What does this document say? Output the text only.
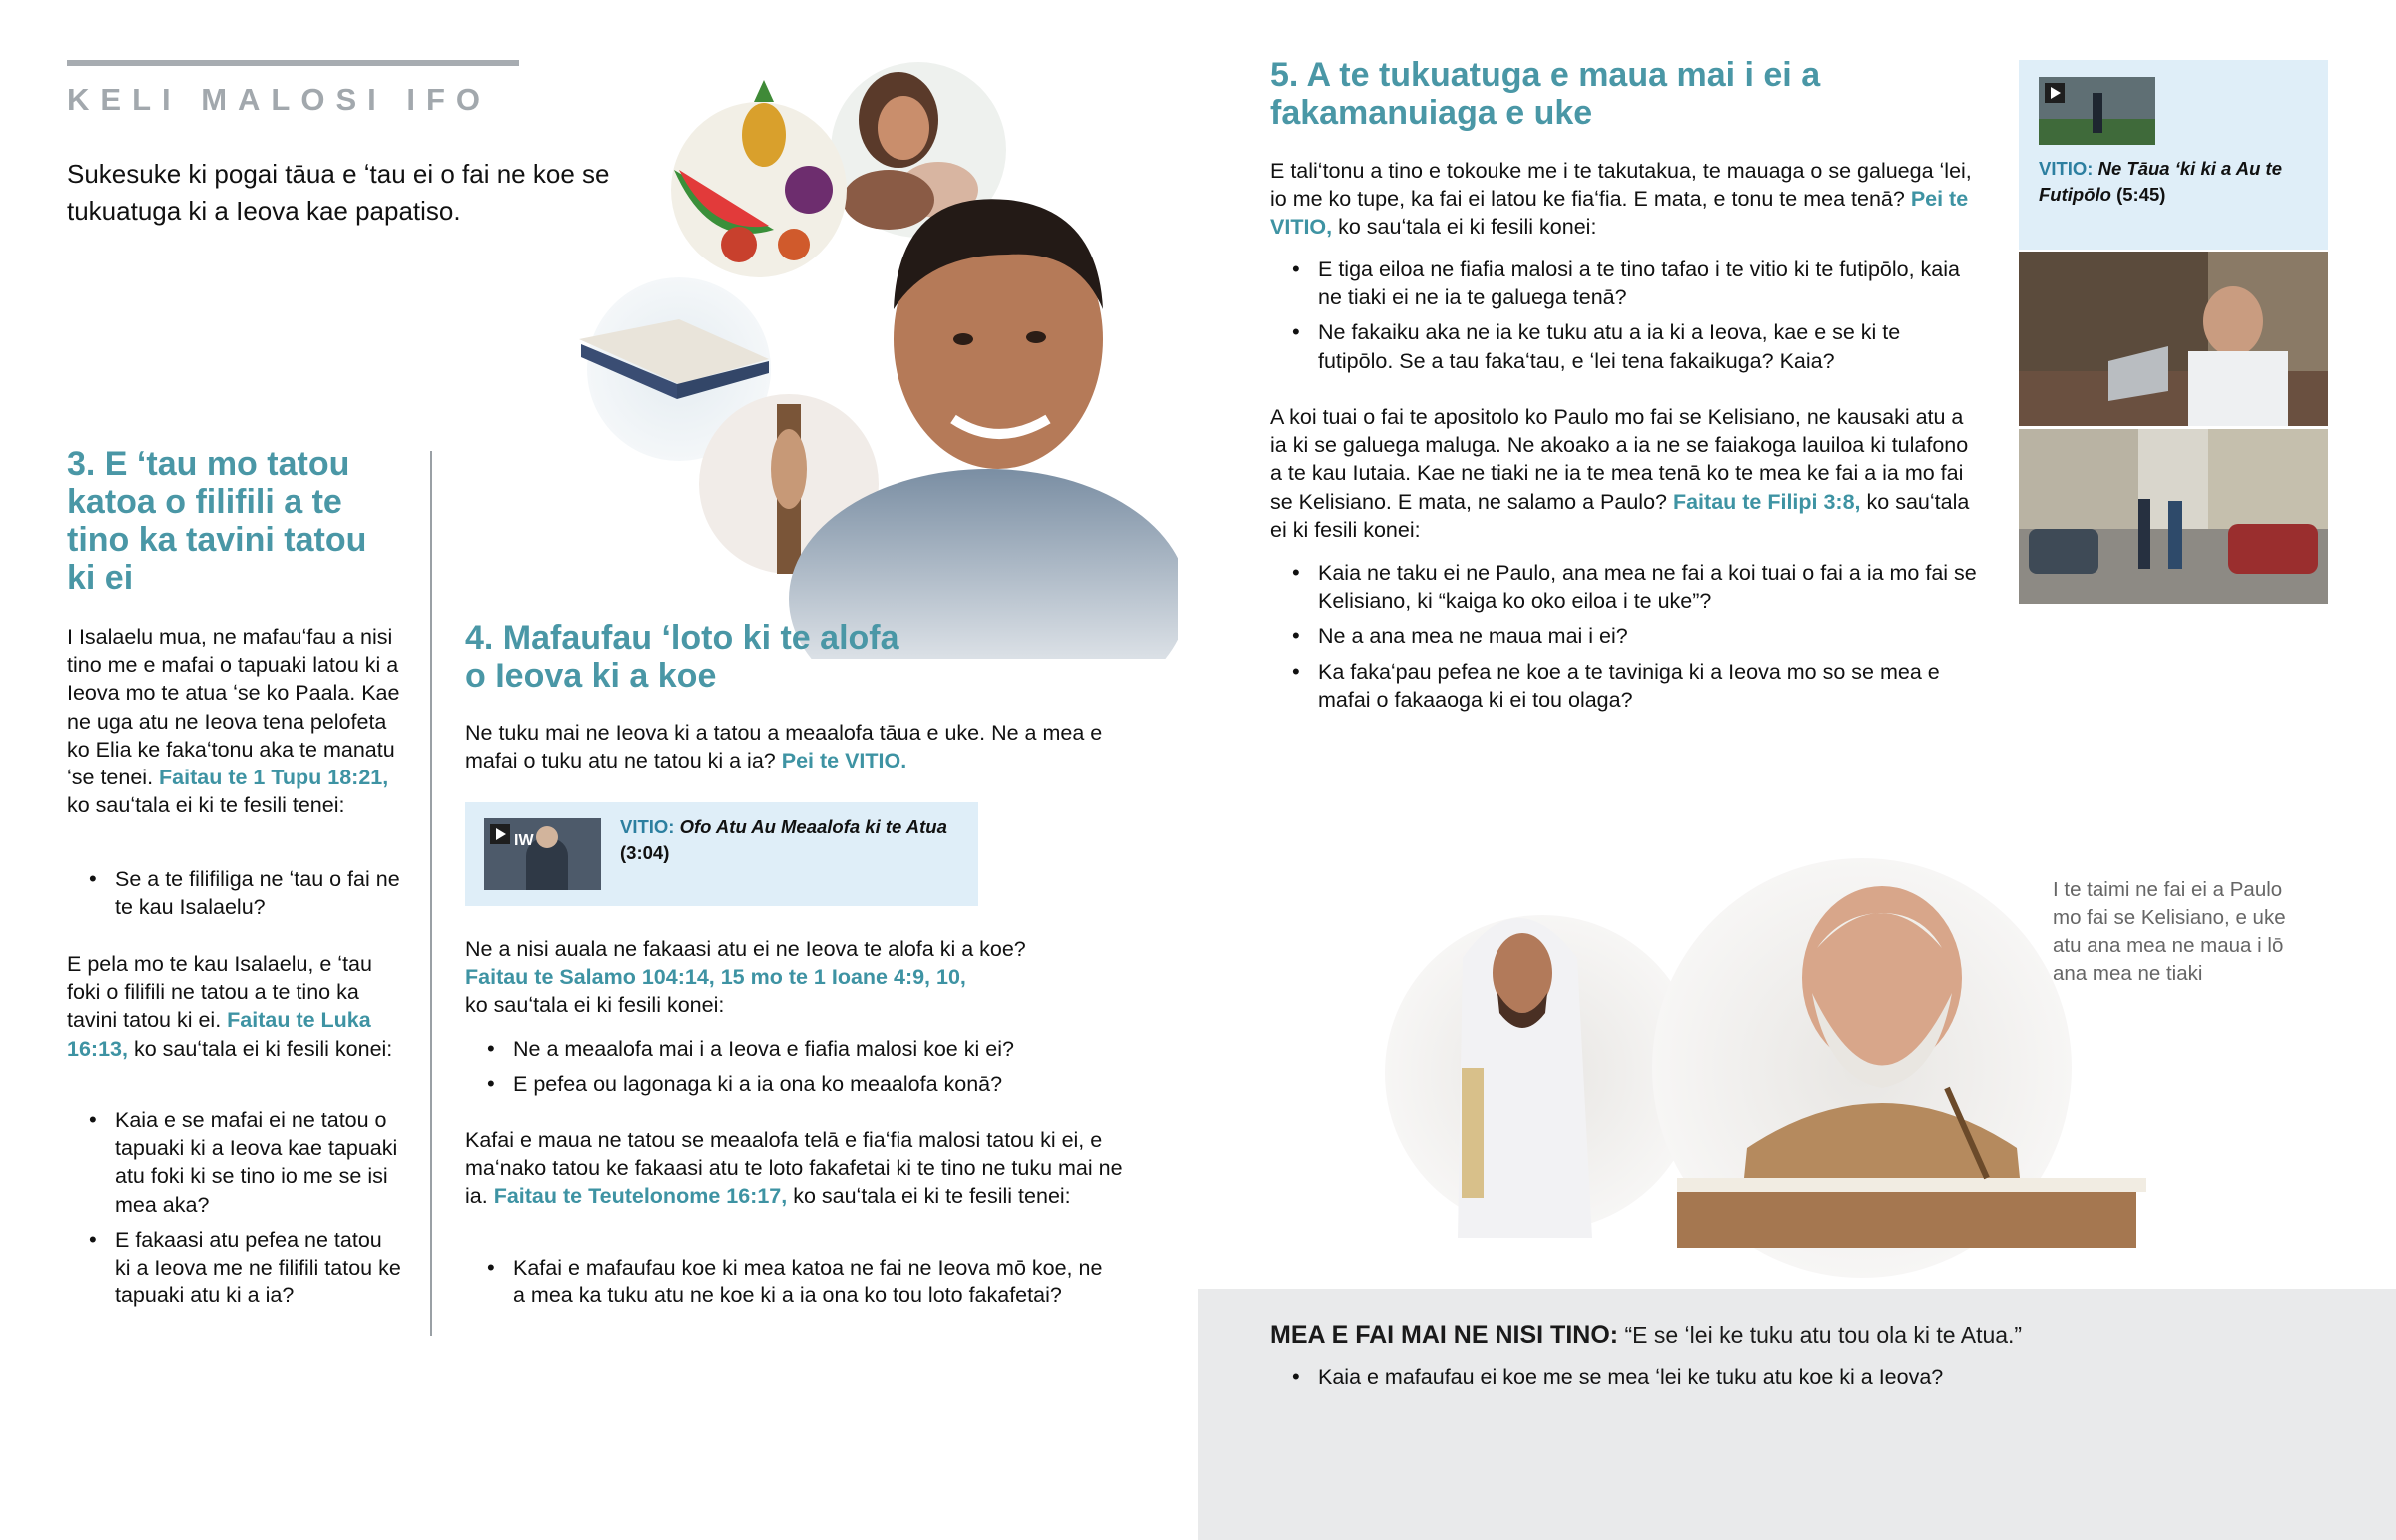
KELI MALOSI IFO
Sukesuke ki pogai tāua e ʻtau ei o fai ne koe se tukuatuga ki a Ieova kae papatiso.
3. E ʻtau mo tatou katoa o filifili a te tino ka tavini tatou ki ei
I Isalaelu mua, ne mafauʻfau a nisi tino me e mafai o tapuaki latou ki a Ieova mo te atua ʻse ko Paala. Kae ne uga atu ne Ieova tena pelofeta ko Elia ke fakaʻtonu aka te manatu ʻse tenei. Faitau te 1 Tupu 18:21, ko sauʻtala ei ki te fesili tenei:
• Se a te filifiliga ne ʻtau o fai ne te kau Isalaelu?
E pela mo te kau Isalaelu, e ʻtau foki o filifili ne tatou a te tino ka tavini tatou ki ei. Faitau te Luka 16:13, ko sauʻtala ei ki fesili konei:
• Kaia e se mafai ei ne tatou o tapuaki ki a Ieova kae tapuaki atu foki ki se tino io me se isi mea aka?
• E fakaasi atu pefea ne tatou ki a Ieova me ne filifili tatou ke tapuaki atu ki a ia?
4. Mafaufau ʻloto ki te alofa o Ieova ki a koe
Ne tuku mai ne Ieova ki a tatou a meaalofa tāua e uke. Ne a mea e mafai o tuku atu ne tatou ki a ia? Pei te VITIO.
IW
VITIO: Ofo Atu Au Meaalofa ki te Atua
(3:04)
Ne a nisi auala ne fakaasi atu ei ne Ieova te alofa ki a koe?
Faitau te Salamo 104:14, 15 mo te 1 Ioane 4:9, 10,
ko sauʻtala ei ki fesili konei:
• Ne a meaalofa mai i a Ieova e fiafia malosi koe ki ei?
• E pefea ou lagonaga ki a ia ona ko meaalofa konā?
Kafai e maua ne tatou se meaalofa telā e fiaʻfia malosi tatou ki ei, e maʻnako tatou ke fakaasi atu te loto fakafetai ki te tino ne tuku mai ne ia. Faitau te Teutelonome 16:17, ko sauʻtala ei ki te fesili tenei:
• Kafai e mafaufau koe ki mea katoa ne fai ne Ieova mō koe, ne a mea ka tuku atu ne koe ki a ia ona ko tou loto fakafetai?
5. A te tukuatuga e maua mai i ei a fakamanuiaga e uke
E taliʻtonu a tino e tokouke me i te takutakua, te mauaga o se galuega ʻlei, io me ko tupe, ka fai ei latou ke fiaʻfia. E mata, e tonu te mea tenā? Pei te VITIO, ko sauʻtala ei ki fesili konei:
• E tiga eiloa ne fiafia malosi a te tino tafao i te vitio ki te futipōlo, kaia ne tiaki ei ne ia te galuega tenā?
• Ne fakaiku aka ne ia ke tuku atu a ia ki a Ieova, kae e se ki te futipōlo. Se a tau fakaʻtau, e ʻlei tena fakaikuga? Kaia?
A koi tuai o fai te apositolo ko Paulo mo fai se Kelisiano, ne kausaki atu a ia ki se galuega maluga. Ne akoako a ia ne se faiakoga lauiloa ki tulafono a te kau Iutaia. Kae ne tiaki ne ia te mea tenā ko te mea ke fai a ia mo fai se Kelisiano. E mata, ne salamo a Paulo? Faitau te Filipi 3:8, ko sauʻtala ei ki fesili konei:
• Kaia ne taku ei ne Paulo, ana mea ne fai a koi tuai o fai a ia mo fai se Kelisiano, ki “kaiga ko oko eiloa i te uke”?
• Ne a ana mea ne maua mai i ei?
• Ka fakaʻpau pefea ne koe a te taviniga ki a Ieova mo so se mea e mafai o fakaaoga ki ei tou olaga?
VITIO: Ne Tāua ʻki ki a Au te Futipōlo (5:45)
I te taimi ne fai ei a Paulo mo fai se Kelisiano, e uke atu ana mea ne maua i lō ana mea ne tiaki
MEA E FAI MAI NE NISI TINO: “E se ʻlei ke tuku atu tou ola ki te Atua.”
• Kaia e mafaufau ei koe me se mea ʻlei ke tuku atu koe ki a Ieova?
